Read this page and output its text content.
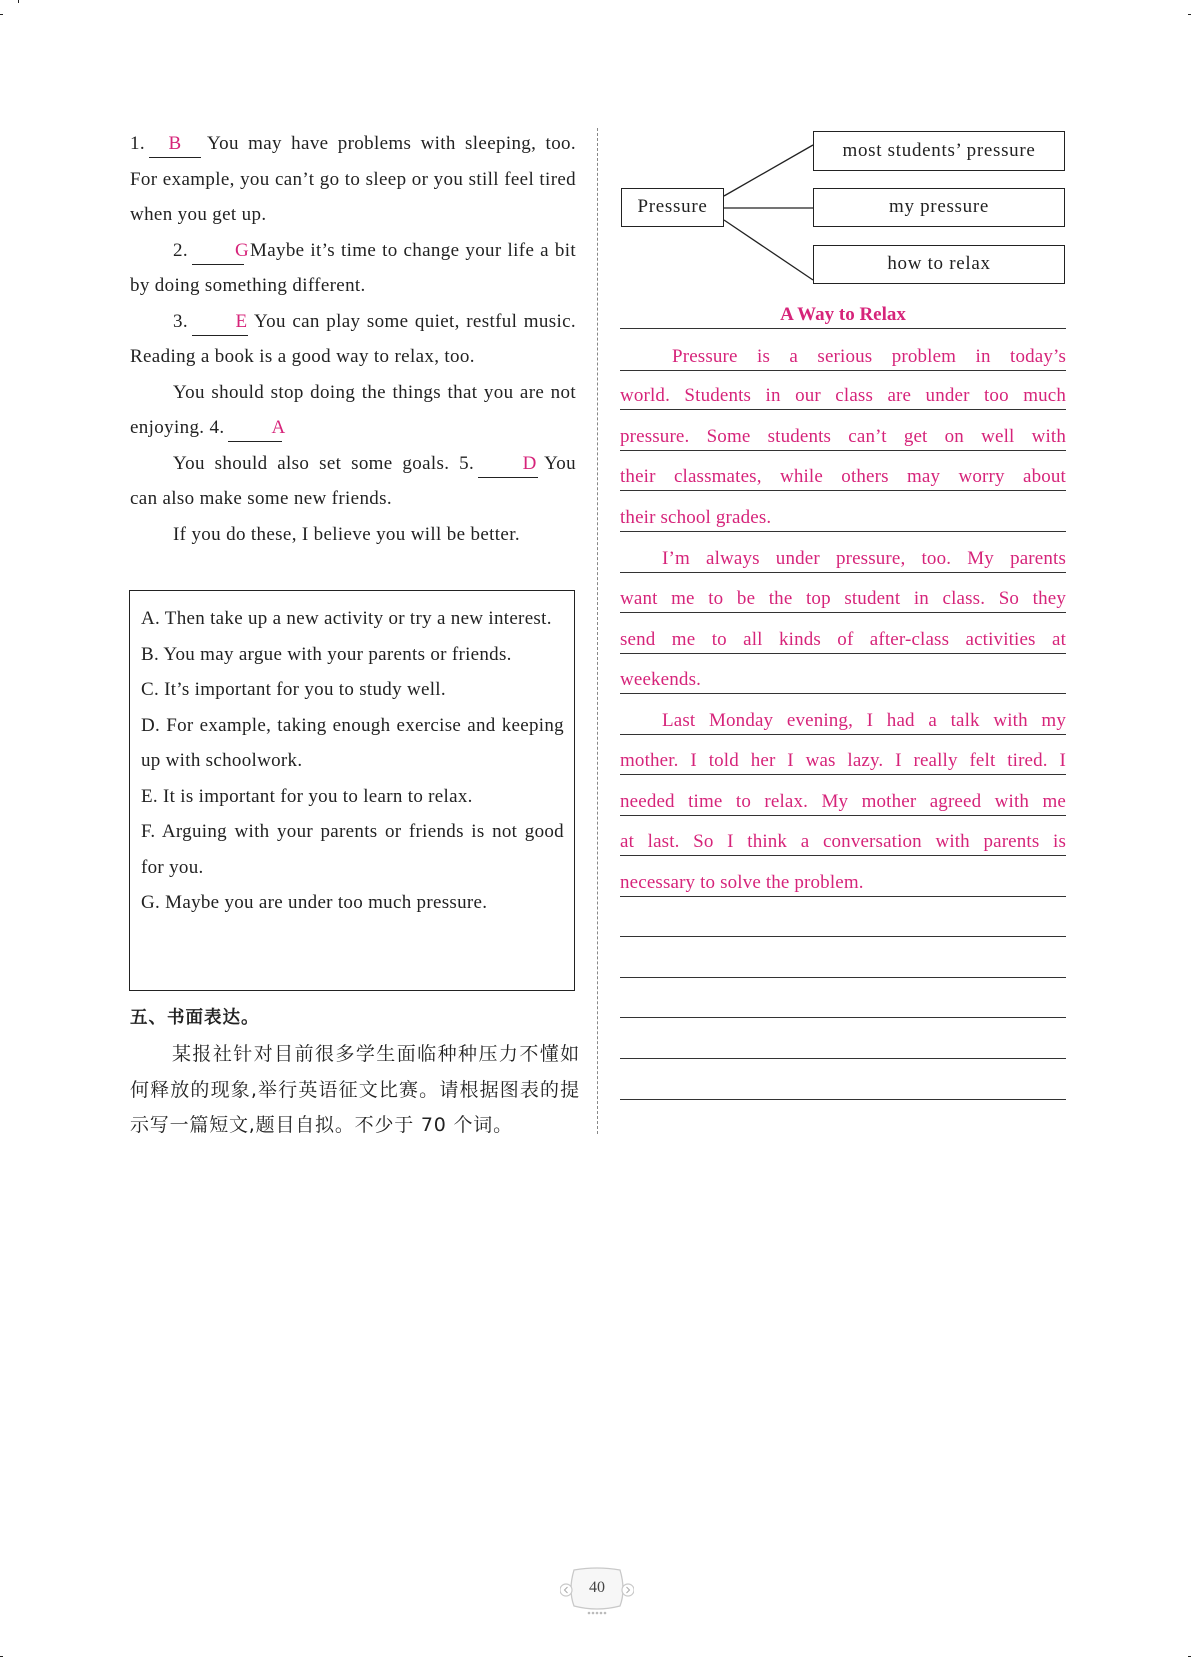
1. B You may have problems with sleeping, too. For example, you can’t go to sleep or you still feel tired when you get up.

2. GMaybe it’s time to change your life a bit by doing something different.

3.	E You can play some quiet, restful music. Reading a book is a good way to relax, too.

You should stop doing the things that you are not enjoying. 4. A

You should also set some goals. 5.	D You can also make some new friends.

If you do these, I believe you will be better.

A. Then take up a new activity or try a new interest.
B. You may argue with your parents or friends.
C. It’s important for you to study well.
D. For example, taking enough exercise and keeping up with schoolwork.
E. It is important for you to learn to relax.
F. Arguing with your parents or friends is not good for you.
G. Maybe you are under too much pressure.
五、书面表达。

某报社针对目前很多学生面临种种压力不懂如何释放的现象,举行英语征文比赛。请根据图表的提示写一篇短文,题目自拟。不少于 70 个词。

Pressure
most students’ pressure
my pressure
how to relax
A Way to Relax
Pressure is a serious problem in today’s
world. Students in our class are under too much
pressure. Some students can’t get on well with
their classmates, while others may worry about
their school grades.
I’m always under pressure, too. My parents
want me to be the top student in class. So they
send me to all kinds of after-class activities at
weekends.
Last Monday evening, I had a talk with my
mother. I told her I was lazy. I really felt tired. I
needed time to relax. My mother agreed with me
at last. So I think a conversation with parents is
necessary to solve the problem.
40
